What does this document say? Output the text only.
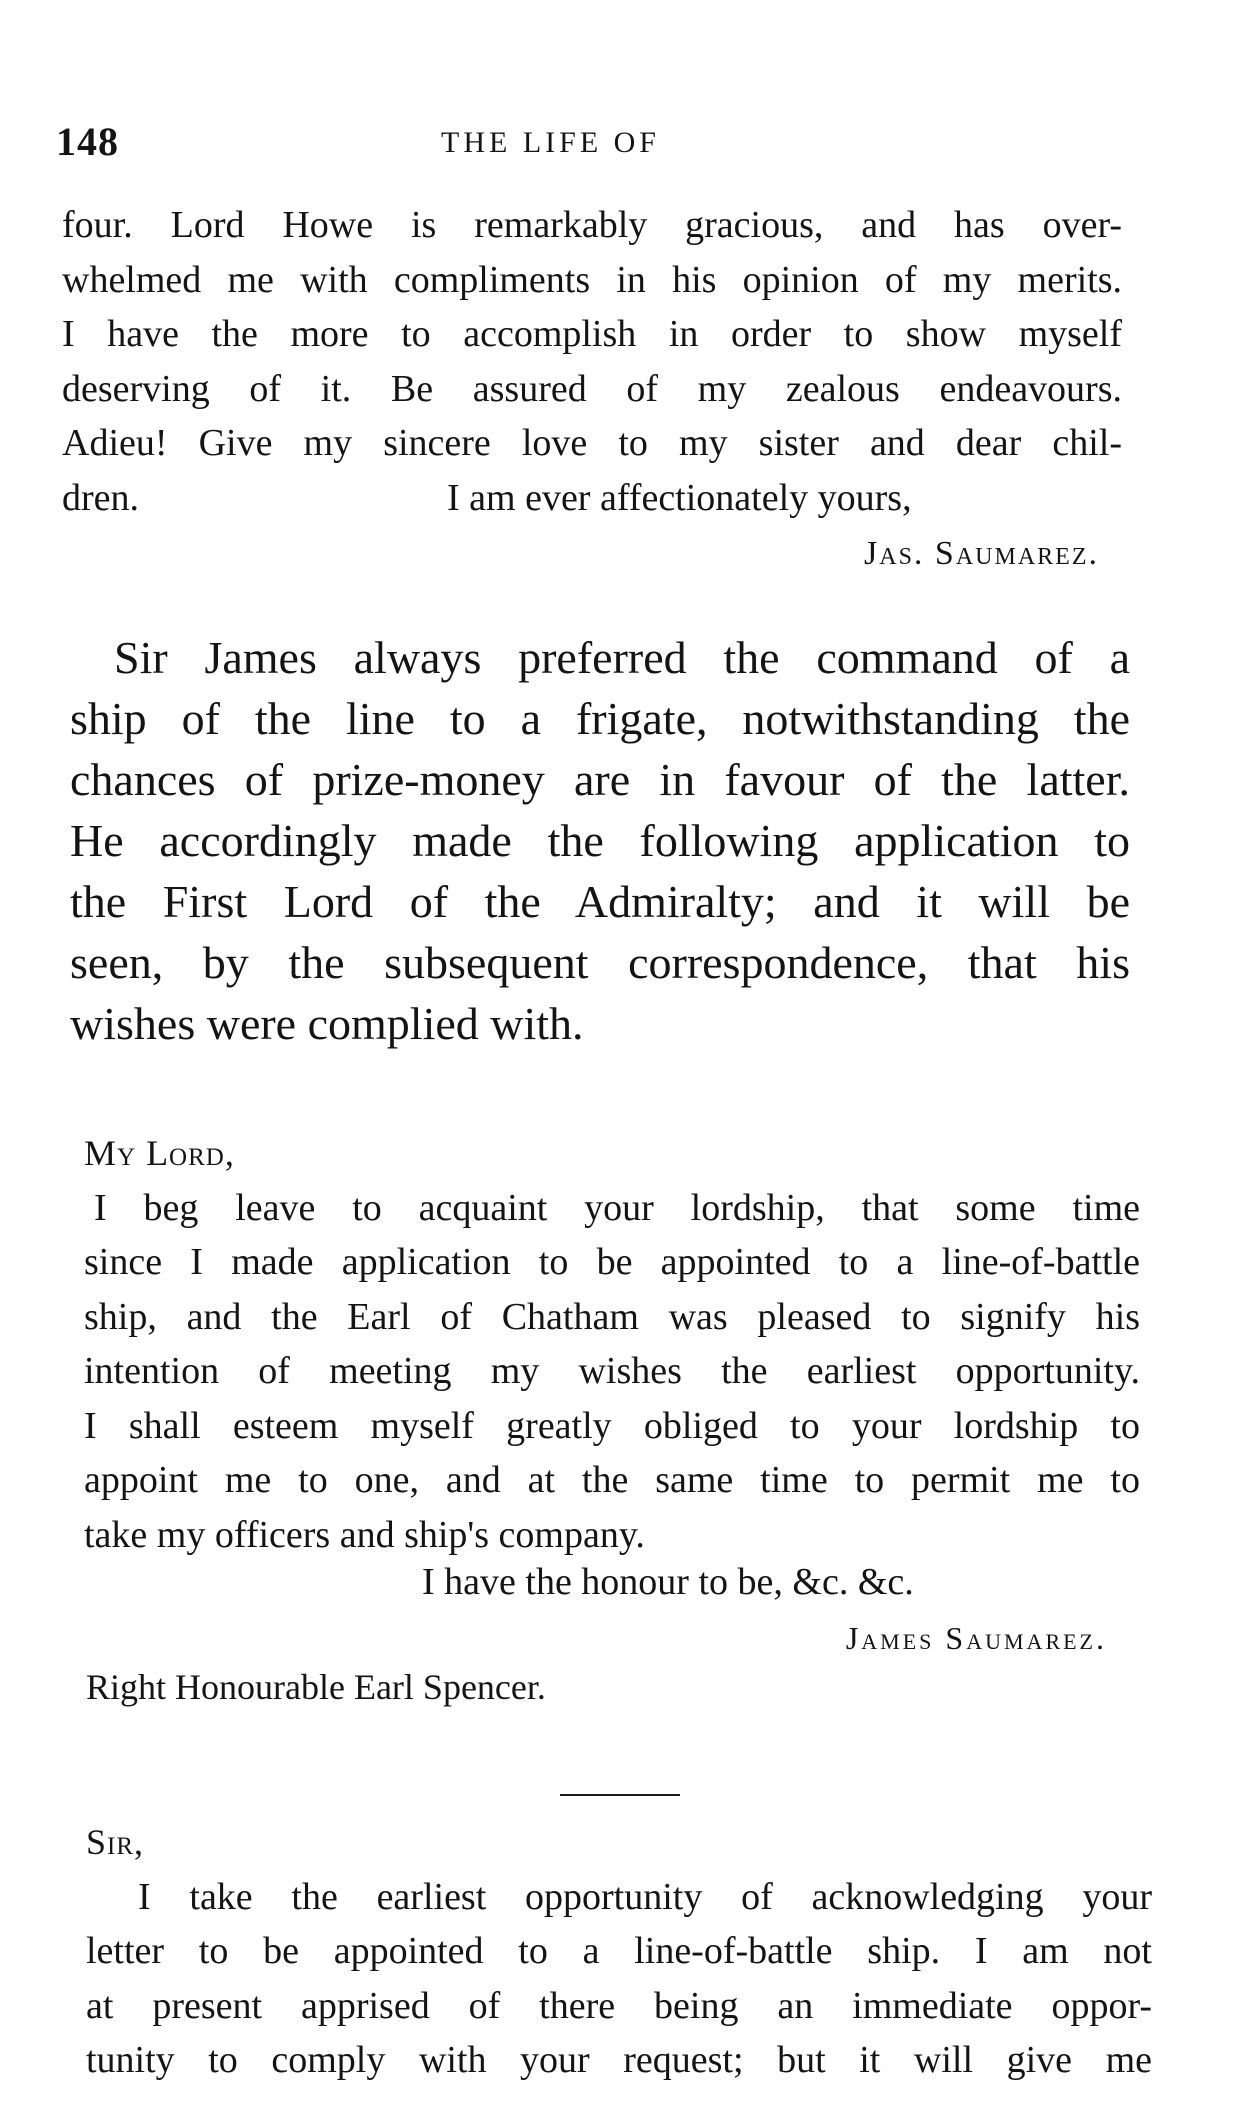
148	THE LIFE OF
four. Lord Howe is remarkably gracious, and has over-
whelmed me with compliments in his opinion of my merits.
I have the more to accomplish in order to show myself
deserving of it. Be assured of my zealous endeavours.
Adieu! Give my sincere love to my sister and dear chil-
dren.	I am ever affectionately yours,
Jas. Saumarez.
Sir James always preferred the command of a
ship of the line to a frigate, notwithstanding the
chances of prize-money are in favour of the latter.
He accordingly made the following application to
the First Lord of the Admiralty; and it will be
seen, by the subsequent correspondence, that his
wishes were complied with.
My Lord,
I beg leave to acquaint your lordship, that some time
since I made application to be appointed to a line-of-battle
ship, and the Earl of Chatham was pleased to signify his
intention of meeting my wishes the earliest opportunity.
I shall esteem myself greatly obliged to your lordship to
appoint me to one, and at the same time to permit me to
take my officers and ship's company.
I have the honour to be, &c. &c.
James Saumarez.
Right Honourable Earl Spencer.
Sir,
I take the earliest opportunity of acknowledging your
letter to be appointed to a line-of-battle ship. I am not
at present apprised of there being an immediate oppor-
tunity to comply with your request; but it will give me
